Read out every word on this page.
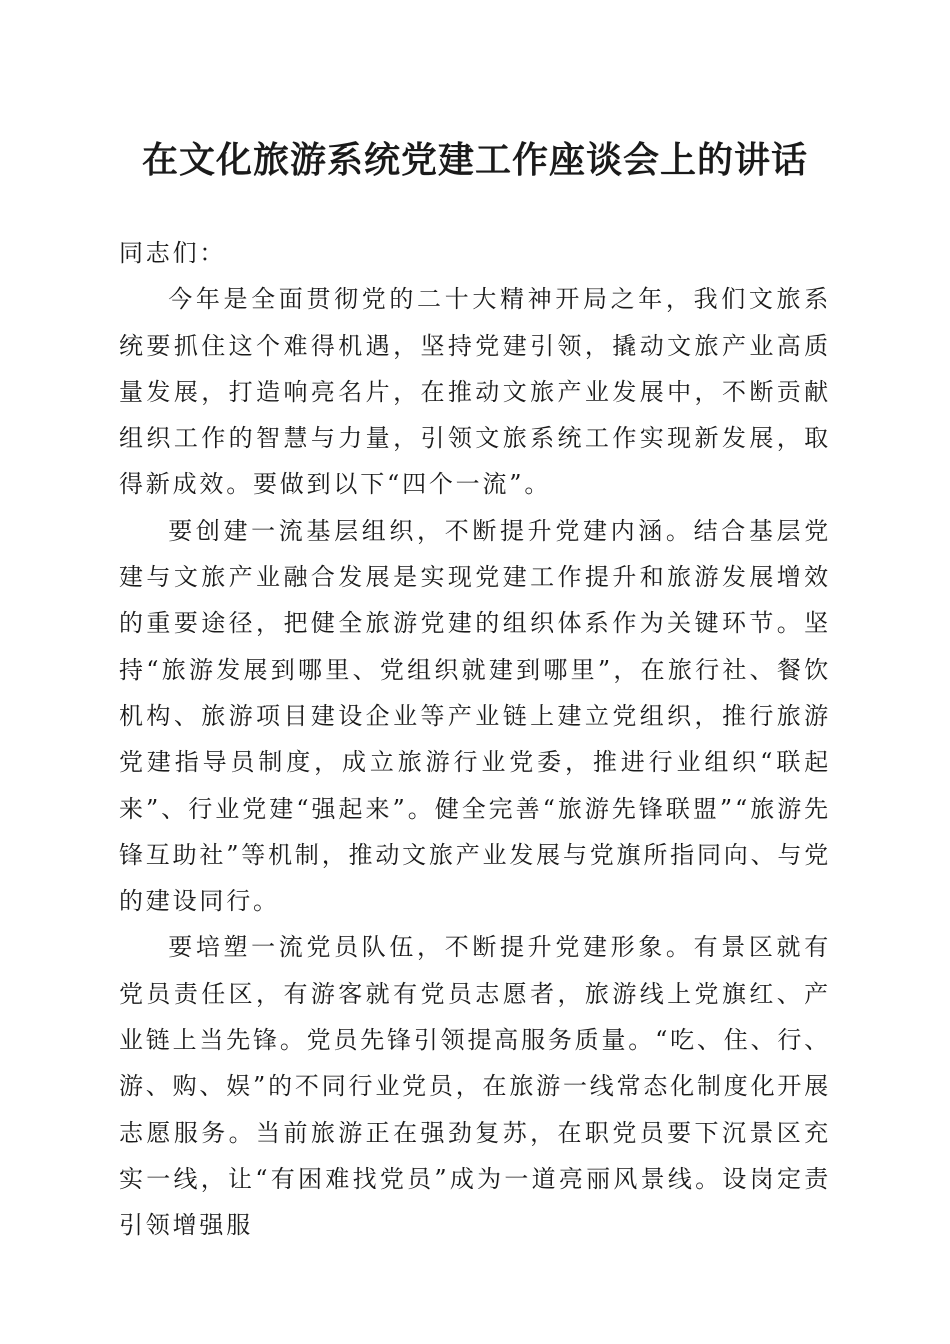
在文化旅游系统党建工作座谈会上的讲话

同志们：

今年是全面贯彻党的二十大精神开局之年，我们文旅系统要抓住这个难得机遇，坚持党建引领，撬动文旅产业高质量发展，打造响亮名片，在推动文旅产业发展中，不断贡献组织工作的智慧与力量，引领文旅系统工作实现新发展，取得新成效。要做到以下“四个一流”。

要创建一流基层组织，不断提升党建内涵。结合基层党建与文旅产业融合发展是实现党建工作提升和旅游发展增效的重要途径，把健全旅游党建的组织体系作为关键环节。坚持“旅游发展到哪里、党组织就建到哪里”，在旅行社、餐饮机构、旅游项目建设企业等产业链上建立党组织，推行旅游党建指导员制度，成立旅游行业党委，推进行业组织“联起来”、行业党建“强起来”。健全完善“旅游先锋联盟”“旅游先锋互助社”等机制，推动文旅产业发展与党旗所指同向、与党的建设同行。

要培塑一流党员队伍，不断提升党建形象。有景区就有党员责任区，有游客就有党员志愿者，旅游线上党旗红、产业链上当先锋。党员先锋引领提高服务质量。“吃、住、行、游、购、娱”的不同行业党员，在旅游一线常态化制度化开展志愿服务。当前旅游正在强劲复苏，在职党员要下沉景区充实一线，让“有困难找党员”成为一道亮丽风景线。设岗定责引领增强服
